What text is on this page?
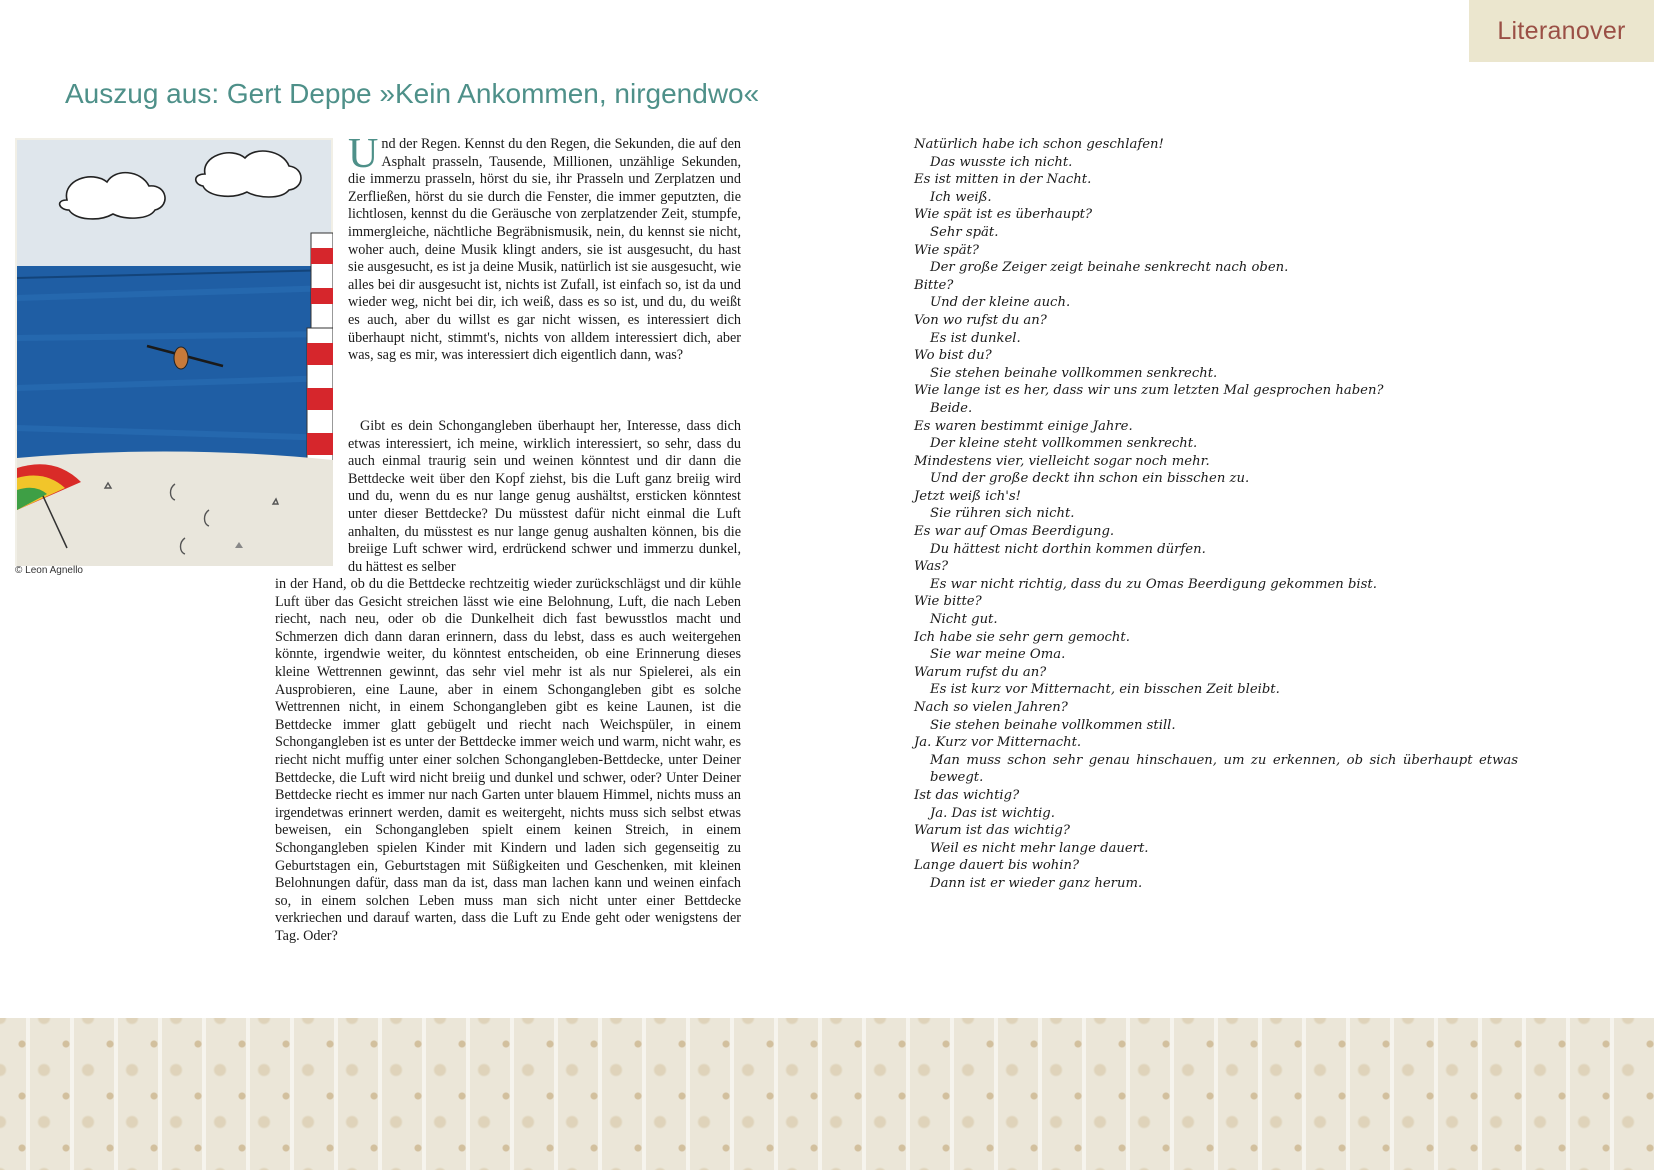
Literanover
Auszug aus: Gert Deppe »Kein Ankommen, nirgendwo«
© Leon Agnello

Und der Regen. Kennst du den Regen, die Sekunden, die auf den Asphalt prasseln, Tausende, Millionen, unzählige Sekunden, die immerzu prasseln, hörst du sie, ihr Prasseln und Zerplatzen und Zerfließen, hörst du sie durch die Fenster, die immer geputzten, die lichtlosen, kennst du die Geräusche von zerplatzender Zeit, stumpfe, immergleiche, nächtliche Begräbnismusik, nein, du kennst sie nicht, woher auch, deine Musik klingt anders, sie ist ausgesucht, du hast sie ausgesucht, es ist ja deine Musik, natürlich ist sie ausgesucht, wie alles bei dir ausgesucht ist, nichts ist Zufall, ist einfach so, ist da und wieder weg, nicht bei dir, ich weiß, dass es so ist, und du, du weißt es auch, aber du willst es gar nicht wissen, es interessiert dich überhaupt nicht, stimmt's, nichts von alldem interessiert dich, aber was, sag es mir, was interessiert dich eigentlich dann, was?

Gibt es dein Schongangleben überhaupt her, Interesse, dass dich etwas interessiert, ich meine, wirklich interessiert, so sehr, dass du auch einmal traurig sein und weinen könntest und dir dann die Bettdecke weit über den Kopf ziehst, bis die Luft ganz breiig wird und du, wenn du es nur lange genug aushältst, ersticken könntest unter dieser Bettdecke? Du müsstest dafür nicht einmal die Luft anhalten, du müsstest es nur lange genug aushalten können, bis die breiige Luft schwer wird, erdrückend schwer und immerzu dunkel, du hättest es selber

in der Hand, ob du die Bettdecke rechtzeitig wieder zurückschlägst und dir kühle Luft über das Gesicht streichen lässt wie eine Belohnung, Luft, die nach Leben riecht, nach neu, oder ob die Dunkelheit dich fast bewusstlos macht und Schmerzen dich dann daran erinnern, dass du lebst, dass es auch weitergehen könnte, irgendwie weiter, du könntest entscheiden, ob eine Erinnerung dieses kleine Wettrennen gewinnt, das sehr viel mehr ist als nur Spielerei, als ein Ausprobieren, eine Laune, aber in einem Schongangleben gibt es solche Wettrennen nicht, in einem Schongangleben gibt es keine Launen, ist die Bettdecke immer glatt gebügelt und riecht nach Weichspüler, in einem Schongangleben ist es unter der Bettdecke immer weich und warm, nicht wahr, es riecht nicht muffig unter einer solchen Schongangleben-Bettdecke, unter Deiner Bettdecke, die Luft wird nicht breiig und dunkel und schwer, oder? Unter Deiner Bettdecke riecht es immer nur nach Garten unter blauem Himmel, nichts muss an irgendetwas erinnert werden, damit es weitergeht, nichts muss sich selbst etwas beweisen, ein Schongangleben spielt einem keinen Streich, in einem Schongangleben spielen Kinder mit Kindern und laden sich gegenseitig zu Geburtstagen ein, Geburtstagen mit Süßigkeiten und Geschenken, mit kleinen Belohnungen dafür, dass man da ist, dass man lachen kann und weinen einfach so, in einem solchen Leben muss man sich nicht unter einer Bettdecke verkriechen und darauf warten, dass die Luft zu Ende geht oder wenigstens der Tag. Oder?

Natürlich habe ich schon geschlafen!
Das wusste ich nicht.
Es ist mitten in der Nacht.
Ich weiß.
Wie spät ist es überhaupt?
Sehr spät.
Wie spät?
Der große Zeiger zeigt beinahe senkrecht nach oben.
Bitte?
Und der kleine auch.
Von wo rufst du an?
Es ist dunkel.
Wo bist du?
Sie stehen beinahe vollkommen senkrecht.
Wie lange ist es her, dass wir uns zum letzten Mal gesprochen haben?
Beide.
Es waren bestimmt einige Jahre.
Der kleine steht vollkommen senkrecht.
Mindestens vier, vielleicht sogar noch mehr.
Und der große deckt ihn schon ein bisschen zu.
Jetzt weiß ich's!
Sie rühren sich nicht.
Es war auf Omas Beerdigung.
Du hättest nicht dorthin kommen dürfen.
Was?
Es war nicht richtig, dass du zu Omas Beerdigung gekommen bist.
Wie bitte?
Nicht gut.
Ich habe sie sehr gern gemocht.
Sie war meine Oma.
Warum rufst du an?
Es ist kurz vor Mitternacht, ein bisschen Zeit bleibt.
Nach so vielen Jahren?
Sie stehen beinahe vollkommen still.
Ja. Kurz vor Mitternacht.
Man muss schon sehr genau hinschauen, um zu erkennen, ob sich überhaupt etwas bewegt.
Ist das wichtig?
Ja. Das ist wichtig.
Warum ist das wichtig?
Weil es nicht mehr lange dauert.
Lange dauert bis wohin?
Dann ist er wieder ganz herum.
